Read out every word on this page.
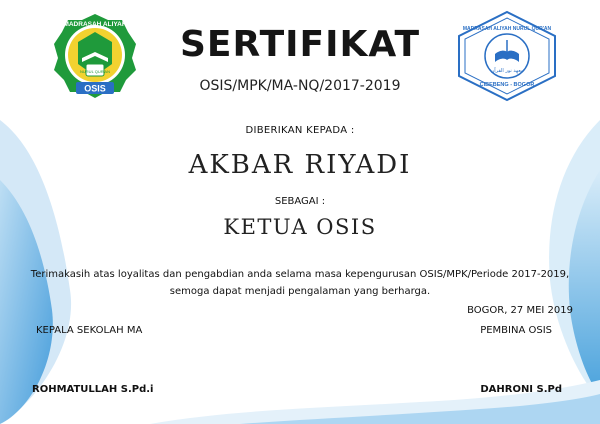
NURUL QUR'AN
MADRASAH ALIYAH
OSIS
MADRASAH ALIYAH NURUL QUR'AN
معهد نور القرآن
CIBEBENG - BOGOR
SERTIFIKAT
OSIS/MPK/MA-NQ/2017-2019
DIBERIKAN KEPADA :
AKBAR RIYADI
SEBAGAI :
KETUA OSIS
Terimakasih atas loyalitas dan pengabdian anda selama masa kepengurusan OSIS/MPK/Periode 2017-2019,
semoga dapat menjadi pengalaman yang berharga.
BOGOR, 27 MEI 2019
KEPALA SEKOLAH MA	PEMBINA OSIS
ROHMATULLAH S.Pd.i	DAHRONI S.Pd
